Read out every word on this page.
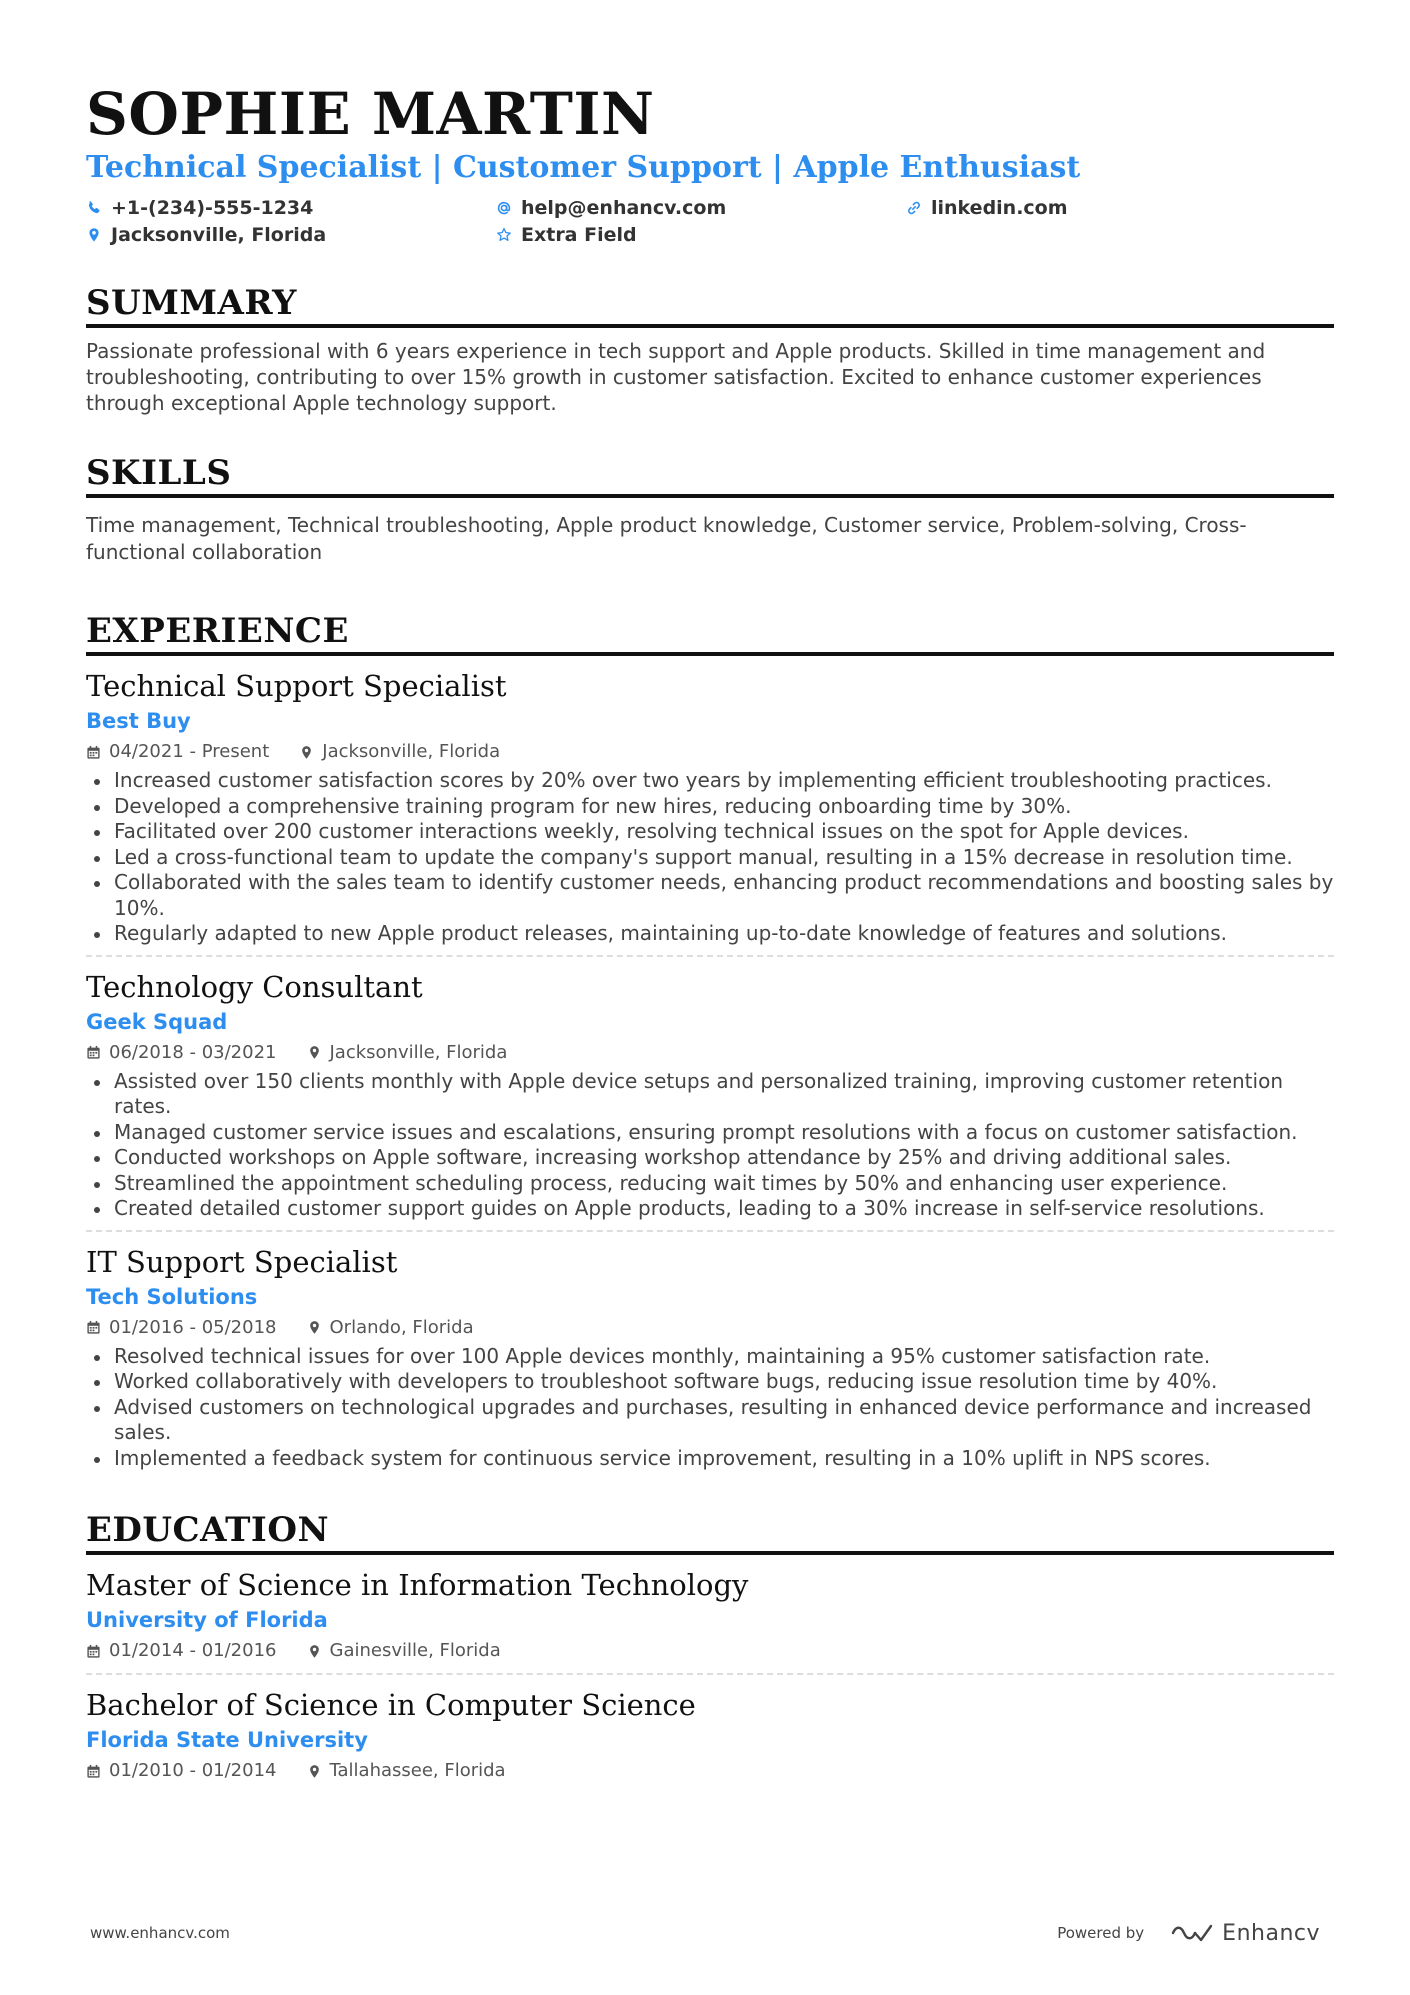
SOPHIE MARTIN
Technical Specialist | Customer Support | Apple Enthusiast
+1-(234)-555-1234	help@enhancv.com	linkedin.com
Jacksonville, Florida	Extra Field
SUMMARY
Passionate professional with 6 years experience in tech support and Apple products. Skilled in time management and troubleshooting, contributing to over 15% growth in customer satisfaction. Excited to enhance customer experiences through exceptional Apple technology support.
SKILLS
Time management, Technical troubleshooting, Apple product knowledge, Customer service, Problem-solving, Cross-functional collaboration
EXPERIENCE
Technical Support Specialist
Best Buy
04/2021 - Present	Jacksonville, Florida
Increased customer satisfaction scores by 20% over two years by implementing efficient troubleshooting practices.
Developed a comprehensive training program for new hires, reducing onboarding time by 30%.
Facilitated over 200 customer interactions weekly, resolving technical issues on the spot for Apple devices.
Led a cross-functional team to update the company's support manual, resulting in a 15% decrease in resolution time.
Collaborated with the sales team to identify customer needs, enhancing product recommendations and boosting sales by 10%.
Regularly adapted to new Apple product releases, maintaining up-to-date knowledge of features and solutions.
Technology Consultant
Geek Squad
06/2018 - 03/2021	Jacksonville, Florida
Assisted over 150 clients monthly with Apple device setups and personalized training, improving customer retention rates.
Managed customer service issues and escalations, ensuring prompt resolutions with a focus on customer satisfaction.
Conducted workshops on Apple software, increasing workshop attendance by 25% and driving additional sales.
Streamlined the appointment scheduling process, reducing wait times by 50% and enhancing user experience.
Created detailed customer support guides on Apple products, leading to a 30% increase in self-service resolutions.
IT Support Specialist
Tech Solutions
01/2016 - 05/2018	Orlando, Florida
Resolved technical issues for over 100 Apple devices monthly, maintaining a 95% customer satisfaction rate.
Worked collaboratively with developers to troubleshoot software bugs, reducing issue resolution time by 40%.
Advised customers on technological upgrades and purchases, resulting in enhanced device performance and increased sales.
Implemented a feedback system for continuous service improvement, resulting in a 10% uplift in NPS scores.
EDUCATION
Master of Science in Information Technology
University of Florida
01/2014 - 01/2016	Gainesville, Florida
Bachelor of Science in Computer Science
Florida State University
01/2010 - 01/2014	Tallahassee, Florida
www.enhancv.com	Powered by	Enhancv
